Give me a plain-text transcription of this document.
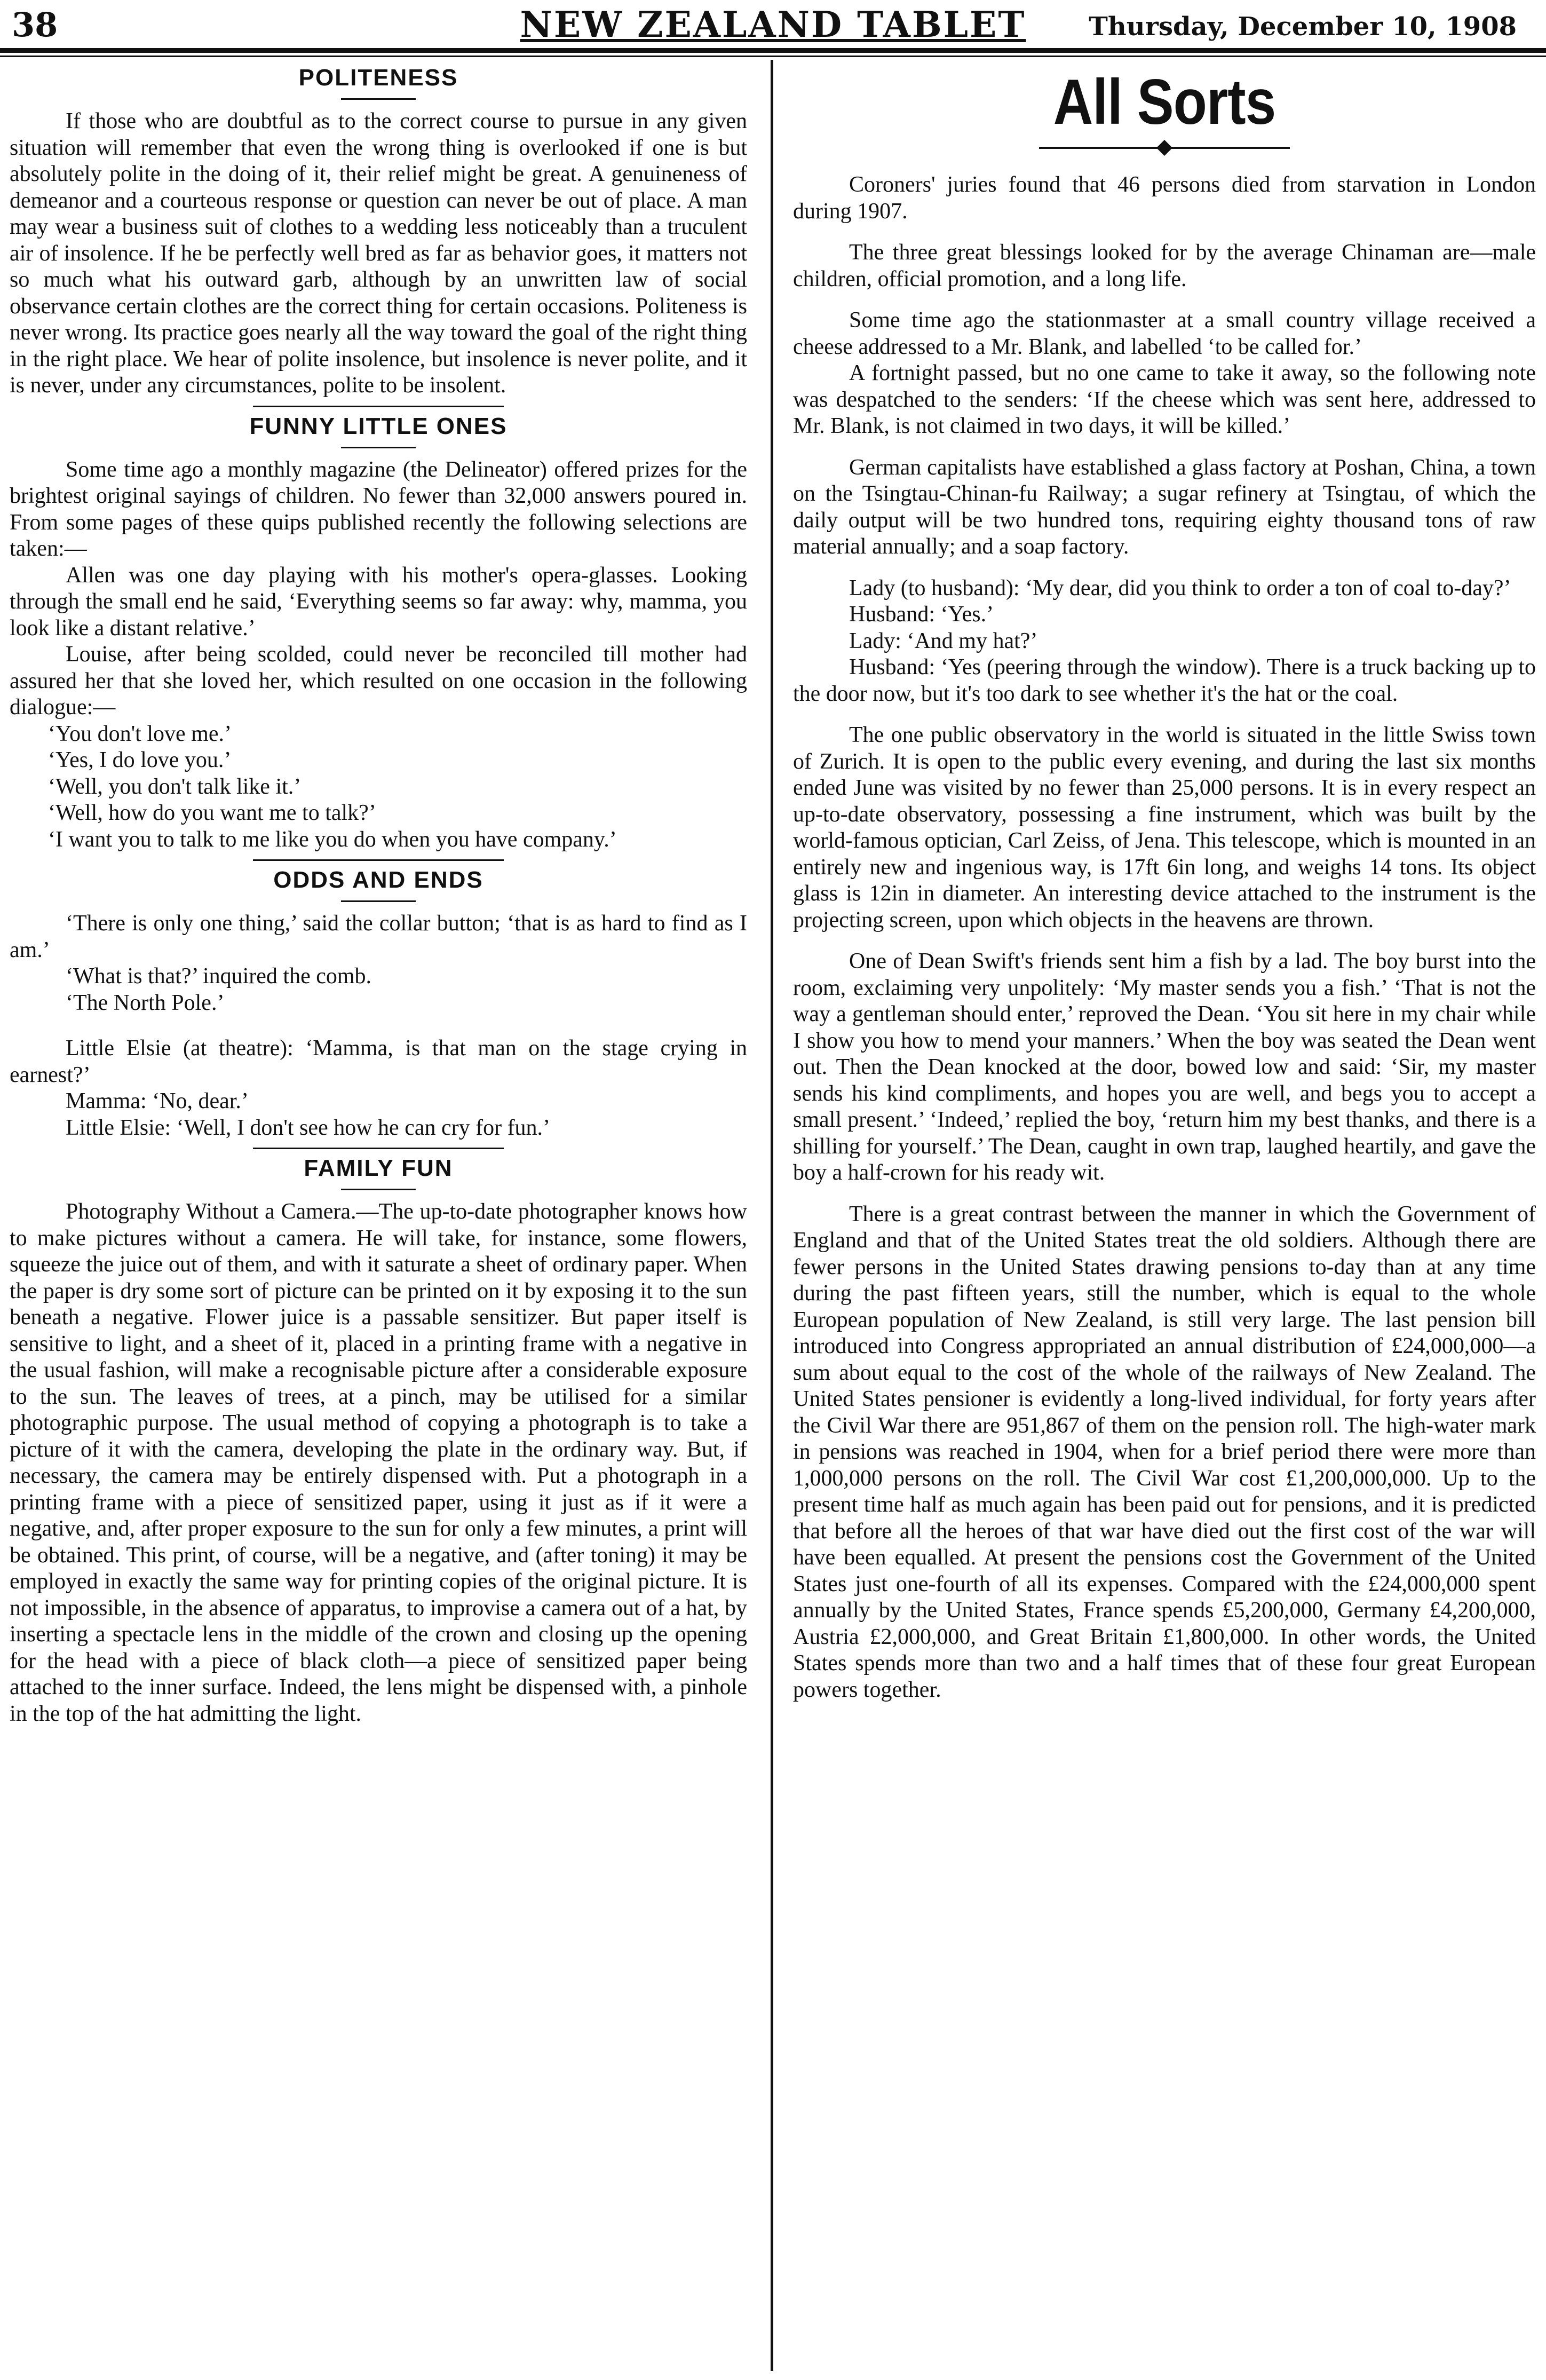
38	NEW ZEALAND TABLET	Thursday, December 10, 1908
POLITENESS

If those who are doubtful as to the correct course to pursue in any given situation will remember that even the wrong thing is overlooked if one is but absolutely polite in the doing of it, their relief might be great. A genuineness of demeanor and a courteous response or question can never be out of place. A man may wear a business suit of clothes to a wedding less noticeably than a truculent air of insolence. If he be perfectly well bred as far as behavior goes, it matters not so much what his outward garb, although by an unwritten law of social observance certain clothes are the correct thing for certain occasions. Politeness is never wrong. Its practice goes nearly all the way toward the goal of the right thing in the right place. We hear of polite insolence, but insolence is never polite, and it is never, under any circumstances, polite to be insolent.

FUNNY LITTLE ONES

Some time ago a monthly magazine (the Delineator) offered prizes for the brightest original sayings of children. No fewer than 32,000 answers poured in. From some pages of these quips published recently the following selections are taken:—

Allen was one day playing with his mother's opera-glasses. Looking through the small end he said, ‘Everything seems so far away: why, mamma, you look like a distant relative.’

Louise, after being scolded, could never be reconciled till mother had assured her that she loved her, which resulted on one occasion in the following dialogue:—

‘You don't love me.’

‘Yes, I do love you.’

‘Well, you don't talk like it.’

‘Well, how do you want me to talk?’

‘I want you to talk to me like you do when you have company.’

ODDS AND ENDS

‘There is only one thing,’ said the collar button; ‘that is as hard to find as I am.’

‘What is that?’ inquired the comb.

‘The North Pole.’

Little Elsie (at theatre): ‘Mamma, is that man on the stage crying in earnest?’

Mamma: ‘No, dear.’

Little Elsie: ‘Well, I don't see how he can cry for fun.’

FAMILY FUN

Photography Without a Camera.—The up-to-date photographer knows how to make pictures without a camera. He will take, for instance, some flowers, squeeze the juice out of them, and with it saturate a sheet of ordinary paper. When the paper is dry some sort of picture can be printed on it by exposing it to the sun beneath a negative. Flower juice is a passable sensitizer. But paper itself is sensitive to light, and a sheet of it, placed in a printing frame with a negative in the usual fashion, will make a recognisable picture after a considerable exposure to the sun. The leaves of trees, at a pinch, may be utilised for a similar photographic purpose. The usual method of copying a photograph is to take a picture of it with the camera, developing the plate in the ordinary way. But, if necessary, the camera may be entirely dispensed with. Put a photograph in a printing frame with a piece of sensitized paper, using it just as if it were a negative, and, after proper exposure to the sun for only a few minutes, a print will be obtained. This print, of course, will be a negative, and (after toning) it may be employed in exactly the same way for printing copies of the original picture. It is not impossible, in the absence of apparatus, to improvise a camera out of a hat, by inserting a spectacle lens in the middle of the crown and closing up the opening for the head with a piece of black cloth—a piece of sensitized paper being attached to the inner surface. Indeed, the lens might be dispensed with, a pinhole in the top of the hat admitting the light.

All Sorts

Coroners' juries found that 46 persons died from starvation in London during 1907.

The three great blessings looked for by the average Chinaman are—male children, official promotion, and a long life.

Some time ago the stationmaster at a small country village received a cheese addressed to a Mr. Blank, and labelled ‘to be called for.’

A fortnight passed, but no one came to take it away, so the following note was despatched to the senders: ‘If the cheese which was sent here, addressed to Mr. Blank, is not claimed in two days, it will be killed.’

German capitalists have established a glass factory at Poshan, China, a town on the Tsingtau-Chinan-fu Railway; a sugar refinery at Tsingtau, of which the daily output will be two hundred tons, requiring eighty thousand tons of raw material annually; and a soap factory.

Lady (to husband): ‘My dear, did you think to order a ton of coal to-day?’

Husband: ‘Yes.’

Lady: ‘And my hat?’

Husband: ‘Yes (peering through the window). There is a truck backing up to the door now, but it's too dark to see whether it's the hat or the coal.

The one public observatory in the world is situated in the little Swiss town of Zurich. It is open to the public every evening, and during the last six months ended June was visited by no fewer than 25,000 persons. It is in every respect an up-to-date observatory, possessing a fine instrument, which was built by the world-famous optician, Carl Zeiss, of Jena. This telescope, which is mounted in an entirely new and ingenious way, is 17ft 6in long, and weighs 14 tons. Its object glass is 12in in diameter. An interesting device attached to the instrument is the projecting screen, upon which objects in the heavens are thrown.

One of Dean Swift's friends sent him a fish by a lad. The boy burst into the room, exclaiming very unpolitely: ‘My master sends you a fish.’ ‘That is not the way a gentleman should enter,’ reproved the Dean. ‘You sit here in my chair while I show you how to mend your manners.’ When the boy was seated the Dean went out. Then the Dean knocked at the door, bowed low and said: ‘Sir, my master sends his kind compliments, and hopes you are well, and begs you to accept a small present.’ ‘Indeed,’ replied the boy, ‘return him my best thanks, and there is a shilling for yourself.’ The Dean, caught in own trap, laughed heartily, and gave the boy a half-crown for his ready wit.

There is a great contrast between the manner in which the Government of England and that of the United States treat the old soldiers. Although there are fewer persons in the United States drawing pensions to-day than at any time during the past fifteen years, still the number, which is equal to the whole European population of New Zealand, is still very large. The last pension bill introduced into Congress appropriated an annual distribution of £24,000,000—a sum about equal to the cost of the whole of the railways of New Zealand. The United States pensioner is evidently a long-lived individual, for forty years after the Civil War there are 951,867 of them on the pension roll. The high-water mark in pensions was reached in 1904, when for a brief period there were more than 1,000,000 persons on the roll. The Civil War cost £1,200,000,000. Up to the present time half as much again has been paid out for pensions, and it is predicted that before all the heroes of that war have died out the first cost of the war will have been equalled. At present the pensions cost the Government of the United States just one-fourth of all its expenses. Compared with the £24,000,000 spent annually by the United States, France spends £5,200,000, Germany £4,200,000, Austria £2,000,000, and Great Britain £1,800,000. In other words, the United States spends more than two and a half times that of these four great European powers together.
